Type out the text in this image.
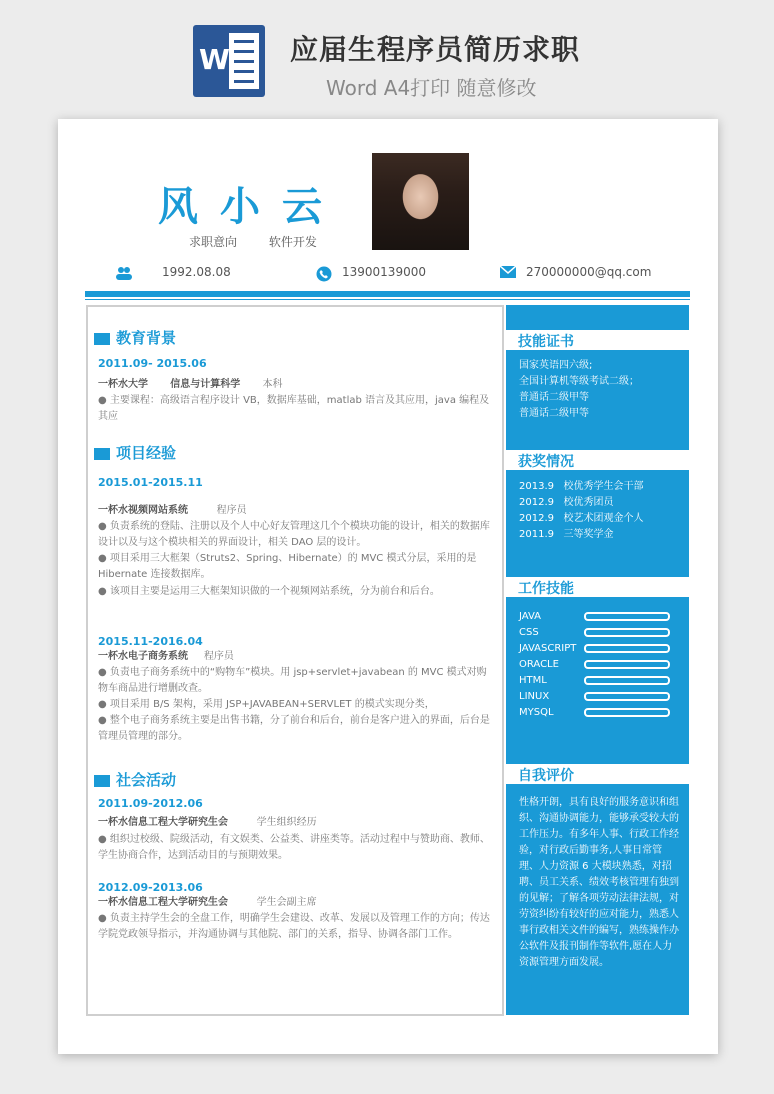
W 应届生程序员简历求职
Word A4打印 随意修改
风小云
求职意向	软件开发
1992.08.08	13900139000	270000000@qq.com
教育背景
2011.09- 2015.06
一杯水大学 信息与计算科学 本科
● 主要课程：高级语言程序设计 VB，数据库基础，matlab 语言及其应用，java 编程及其应
项目经验
2015.01-2015.11
一杯水视频网站系统	程序员
● 负责系统的登陆、注册以及个人中心好友管理这几个个模块功能的设计，相关的数据库设计以及与这个模块相关的界面设计，相关 DAO 层的设计。
● 项目采用三大框架（Struts2、Spring、Hibernate）的 MVC 模式分层，采用的是 Hibernate 连接数据库。
● 该项目主要是运用三大框架知识做的一个视频网站系统，分为前台和后台。
2015.11-2016.04
一杯水电子商务系统 程序员
● 负责电子商务系统中的“购物车”模块。用 jsp+servlet+javabean 的 MVC 模式对购物车商品进行增删改查。
● 项目采用 B/S 架构，采用 JSP+JAVABEAN+SERVLET 的模式实现分类，
● 整个电子商务系统主要是出售书籍，分了前台和后台，前台是客户进入的界面，后台是管理员管理的部分。
社会活动
2011.09-2012.06
一杯水信息工程大学研究生会	学生组织经历
● 组织过校级、院级活动，有文娱类、公益类、讲座类等。活动过程中与赞助商、教师、学生协商合作，达到活动目的与预期效果。
2012.09-2013.06
一杯水信息工程大学研究生会	学生会副主席
● 负责主持学生会的全盘工作，明确学生会建设、改革、发展以及管理工作的方向；传达学院党政领导指示，并沟通协调与其他院、部门的关系，指导、协调各部门工作。
技能证书
国家英语四六级;
全国计算机等级考试二级；
普通话二级甲等
普通话二级甲等
获奖情况
2013.9 校优秀学生会干部
2012.9 校优秀团员
2012.9 校艺术团观金个人
2011.9 三等奖学金
工作技能
JAVA
CSS
JAVASCRIPT
ORACLE
HTML
LINUX
MYSQL
自我评价
性格开朗，具有良好的服务意识和组织、沟通协调能力，能够承受较大的工作压力。有多年人事、行政工作经验，对行政后勤事务,人事日常管理、人力资源 6 大模块熟悉，对招聘、员工关系、绩效考核管理有独到的见解；了解各项劳动法律法规，对劳资纠纷有较好的应对能力，熟悉人事行政相关文件的编写，熟练操作办公软件及报刊制作等软件,愿在人力资源管理方面发展。
